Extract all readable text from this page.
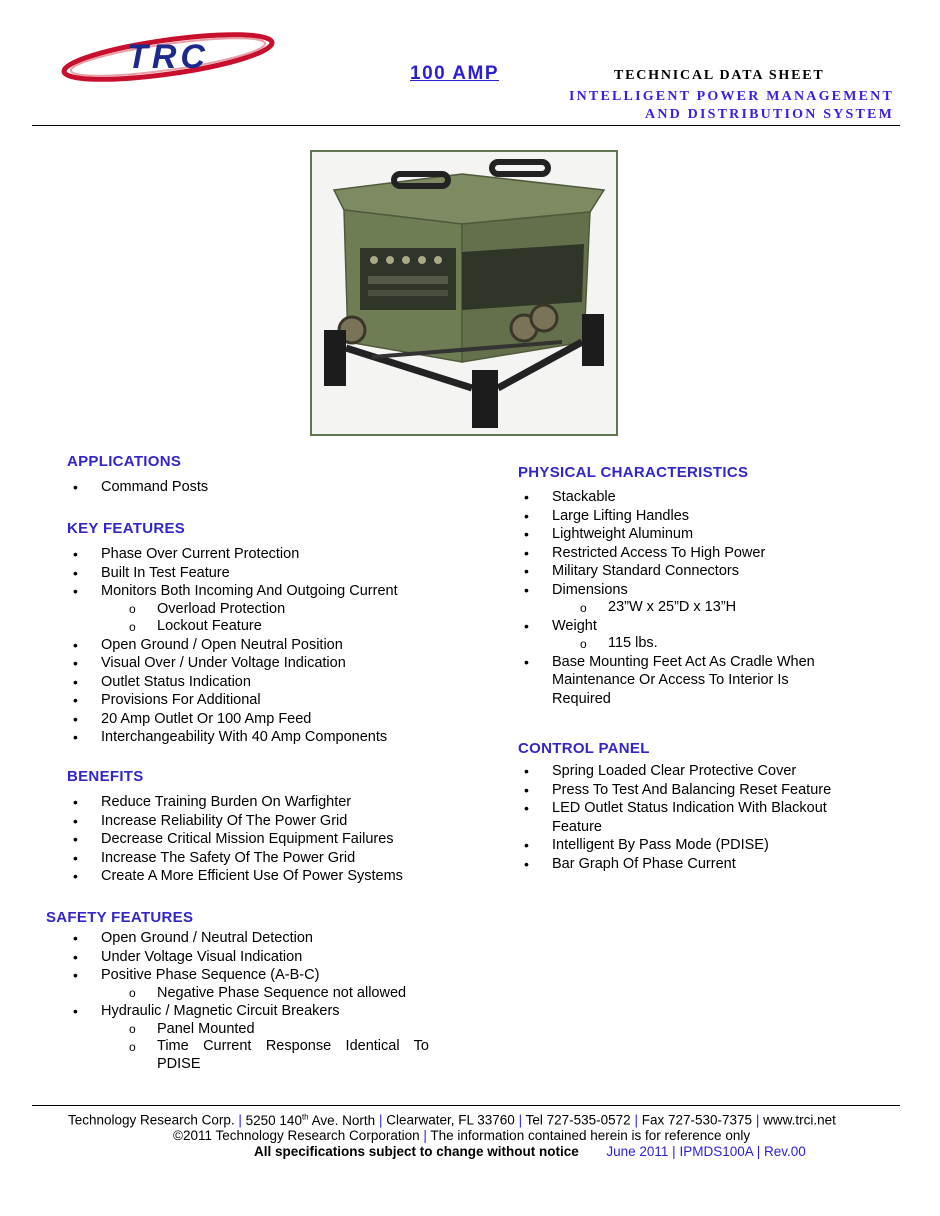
TRC	100 AMP	TECHNICAL DATA SHEET
INTELLIGENT POWER MANAGEMENT
AND DISTRIBUTION SYSTEM
APPLICATIONS
• Command Posts
KEY FEATURES
• Phase Over Current Protection
• Built In Test Feature
• Monitors Both Incoming And Outgoing Current
o Overload Protection
o Lockout Feature
• Open Ground / Open Neutral Position
• Visual Over / Under Voltage Indication
• Outlet Status Indication
• Provisions For Additional
• 20 Amp Outlet Or 100 Amp Feed
• Interchangeability With 40 Amp Components
BENEFITS
• Reduce Training Burden On Warfighter
• Increase Reliability Of The Power Grid
• Decrease Critical Mission Equipment Failures
• Increase The Safety Of The Power Grid
• Create A More Efficient Use Of Power Systems
SAFETY FEATURES
• Open Ground / Neutral Detection
• Under Voltage Visual Indication
• Positive Phase Sequence (A-B-C)
o Negative Phase Sequence not allowed
• Hydraulic / Magnetic Circuit Breakers
o Panel Mounted
o Time Current Response Identical To PDISE
PHYSICAL CHARACTERISTICS
• Stackable
• Large Lifting Handles
• Lightweight Aluminum
• Restricted Access To High Power
• Military Standard Connectors
• Dimensions
o 23”W x 25”D x 13”H
• Weight
o 115 lbs.
• Base Mounting Feet Act As Cradle When Maintenance Or Access To Interior Is Required
CONTROL PANEL
• Spring Loaded Clear Protective Cover
• Press To Test And Balancing Reset Feature
• LED Outlet Status Indication With Blackout Feature
• Intelligent By Pass Mode (PDISE)
• Bar Graph Of Phase Current
Technology Research Corp. | 5250 140th Ave. North | Clearwater, FL 33760 | Tel 727-535-0572 | Fax 727-530-7375 | www.trci.net
©2011 Technology Research Corporation | The information contained herein is for reference only
All specifications subject to change without notice June 2011 | IPMDS100A | Rev.00
